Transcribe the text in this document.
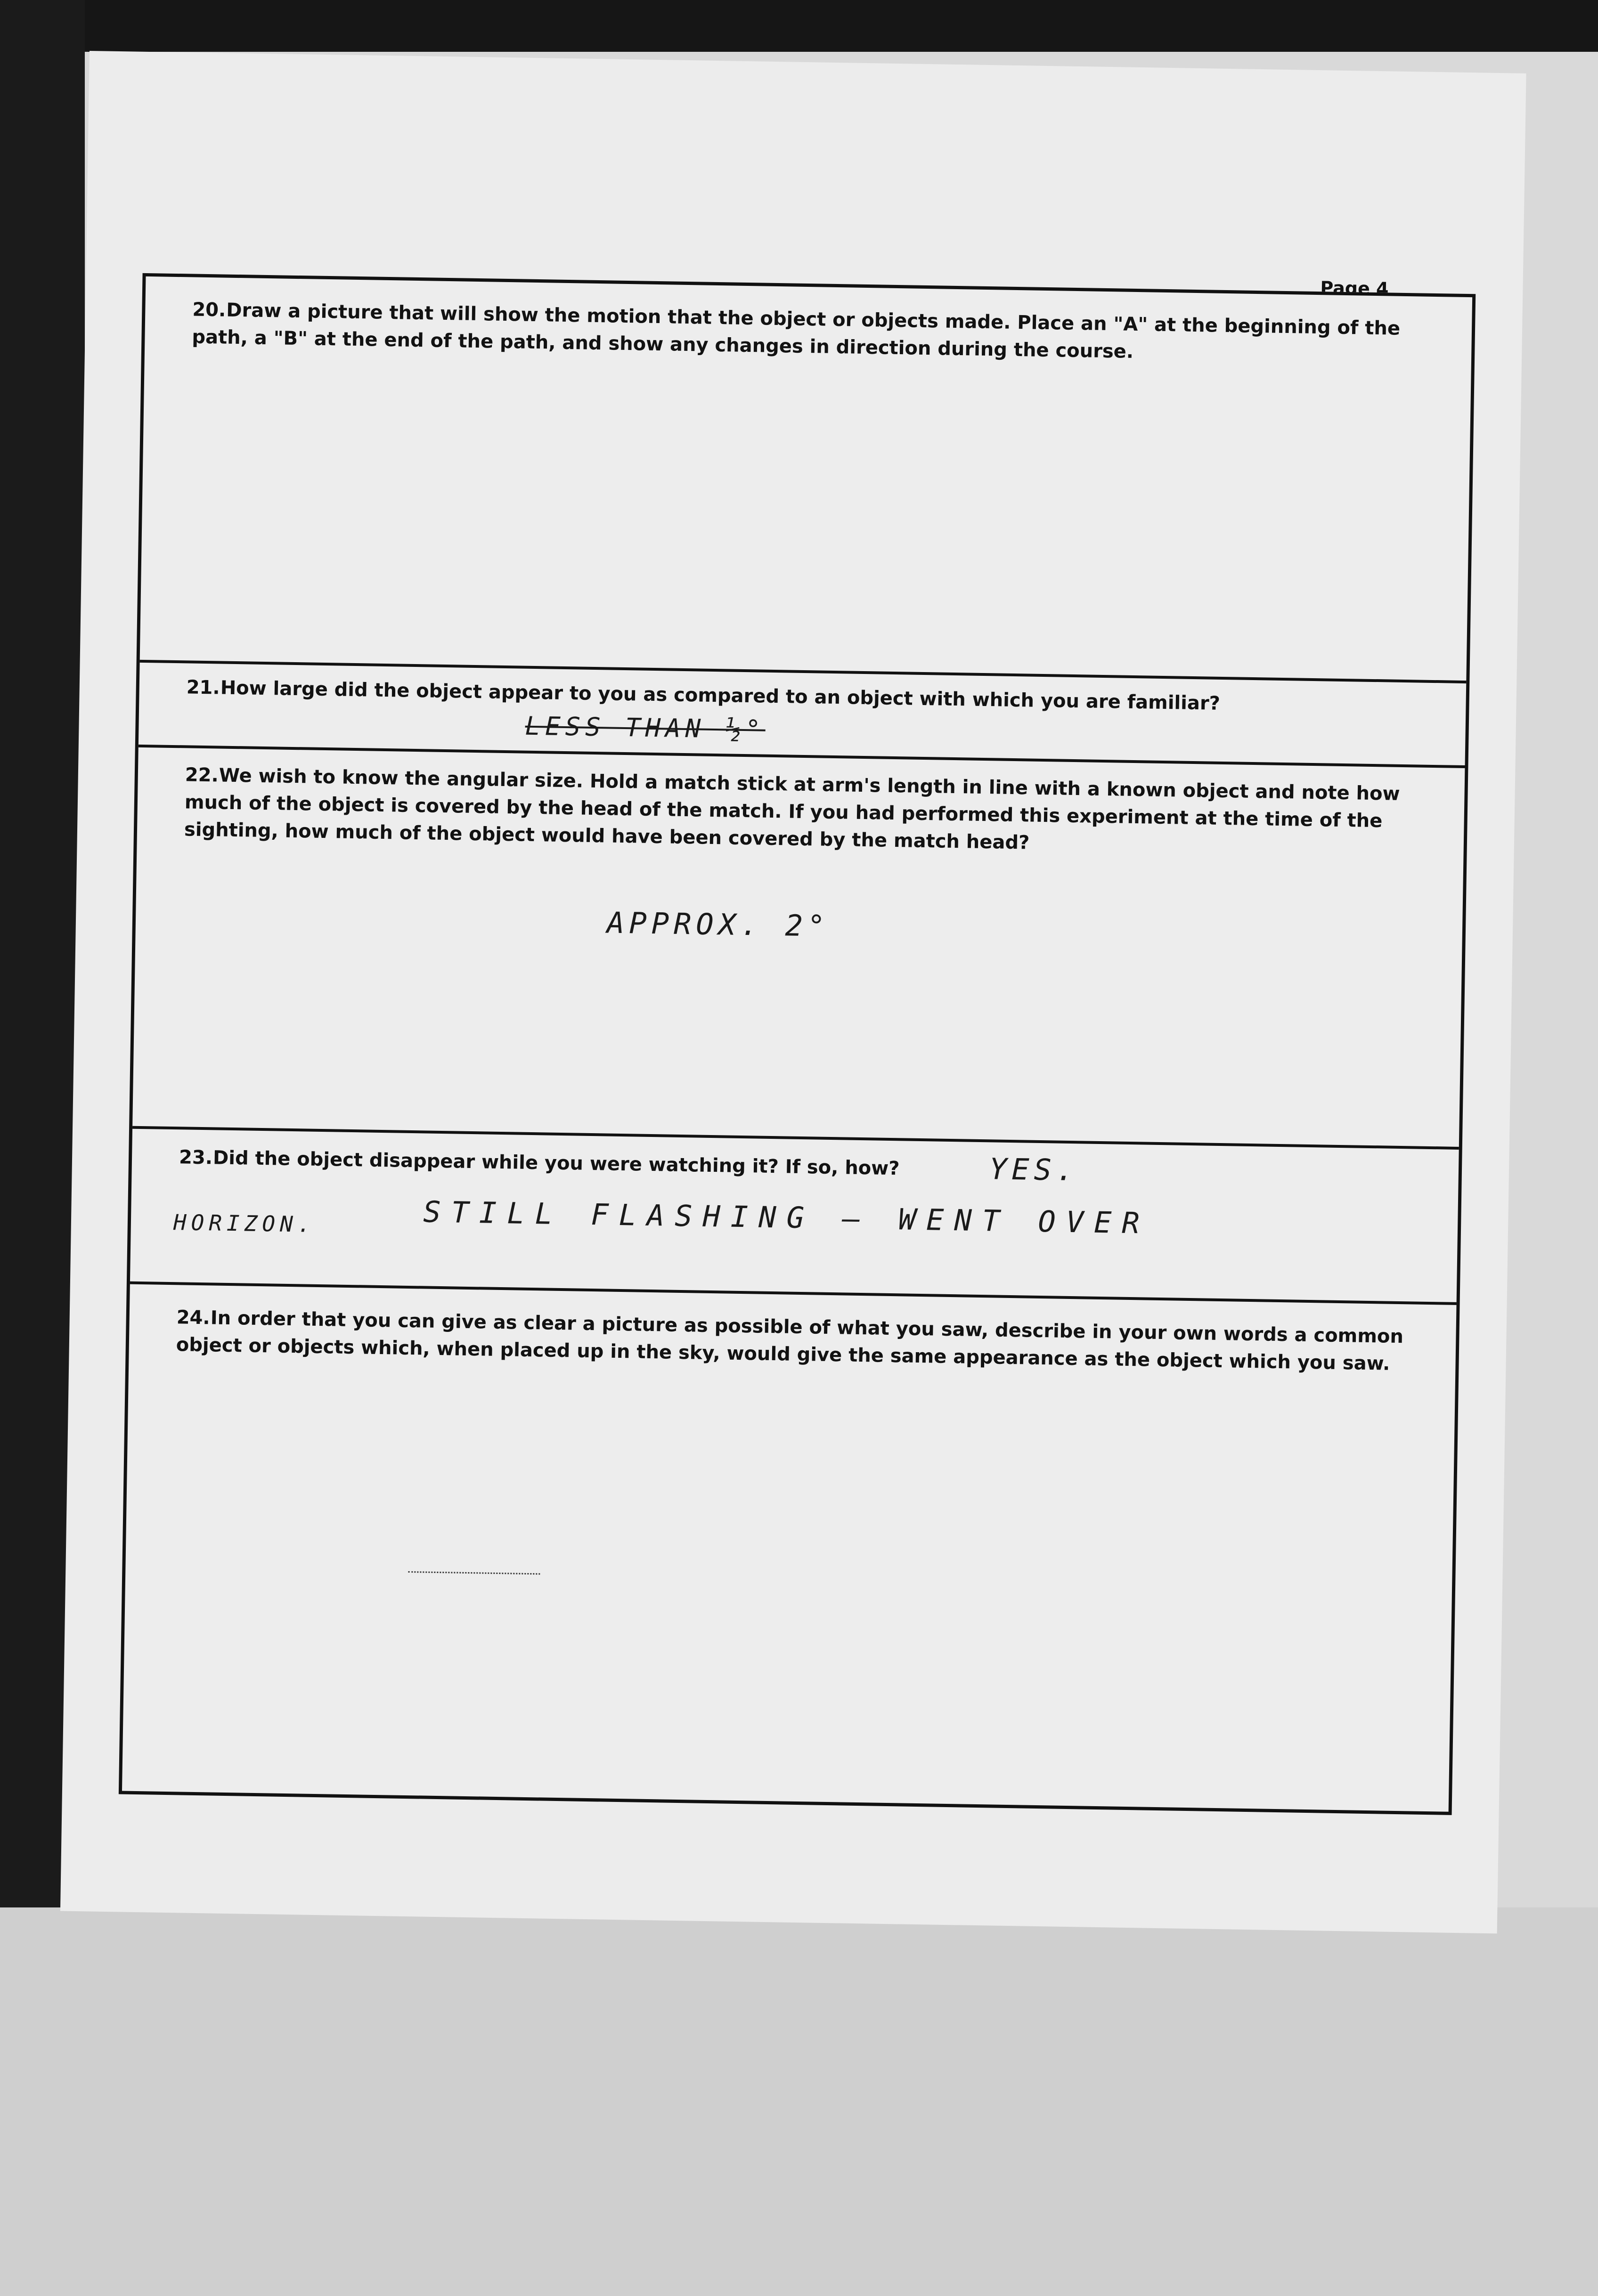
Page 4
20.Draw a picture that will show the motion that the object or objects made. Place an "A" at the beginning of the path, a "B" at the end of the path, and show any changes in direction during the course.
21.How large did the object appear to you as compared to an object with which you are familiar?
LESS THAN ½°
22.We wish to know the angular size. Hold a match stick at arm's length in line with a known object and note how much of the object is covered by the head of the match. If you had performed this experiment at the time of the sighting, how much of the object would have been covered by the match head?
APPROX. 2°
23.Did the object disappear while you were watching it? If so, how?	YES.
HORIZON.	STILL FLASHING – WENT OVER
24.In order that you can give as clear a picture as possible of what you saw, describe in your own words a common object or objects which, when placed up in the sky, would give the same appearance as the object which you saw.
